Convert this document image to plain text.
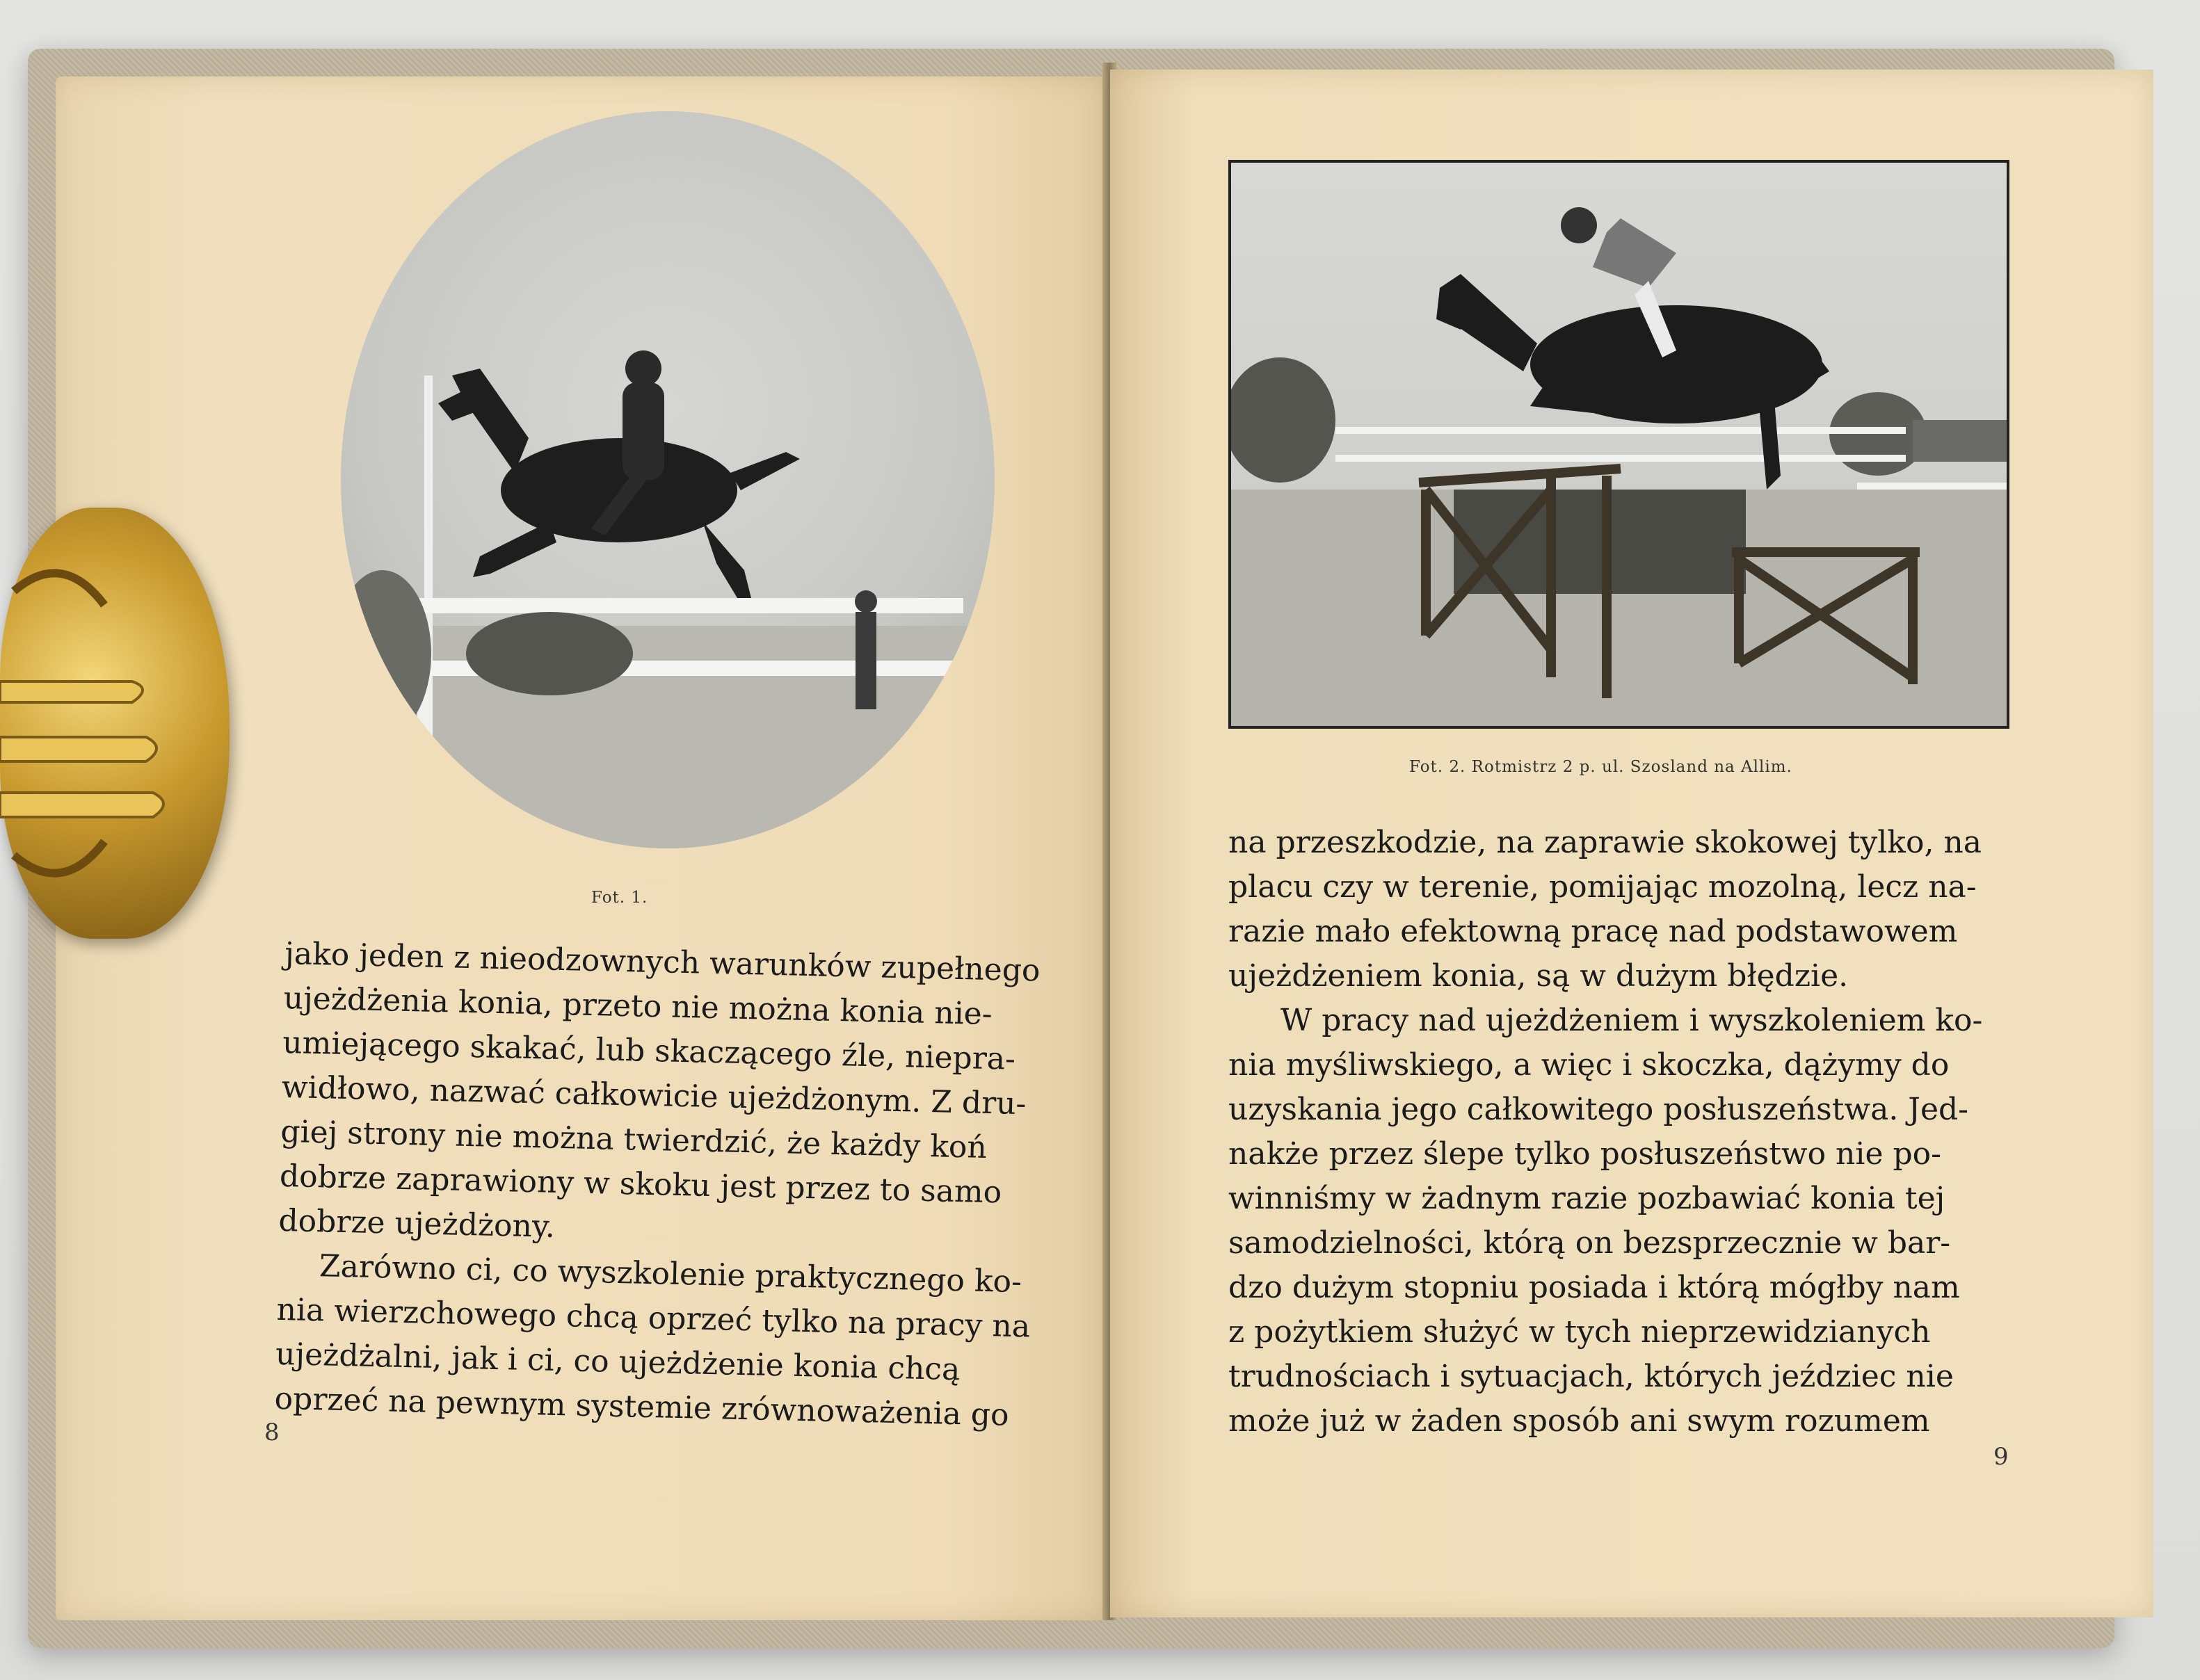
Fot. 1.
jako jeden z nieodzownych warunków zupełnego
ujeżdżenia konia, przeto nie można konia nie-
umiejącego skakać, lub skaczącego źle, niepra-
widłowo, nazwać całkowicie ujeżdżonym. Z dru-
giej strony nie można twierdzić, że każdy koń
dobrze zaprawiony w skoku jest przez to samo
dobrze ujeżdżony.
Zarówno ci, co wyszkolenie praktycznego ko-
nia wierzchowego chcą oprzeć tylko na pracy na
ujeżdżalni, jak i ci, co ujeżdżenie konia chcą
oprzeć na pewnym systemie zrównoważenia go
8
Fot. 2. Rotmistrz 2 p. ul. Szosland na Allim.
na przeszkodzie, na zaprawie skokowej tylko, na
placu czy w terenie, pomijając mozolną, lecz na-
razie mało efektowną pracę nad podstawowem
ujeżdżeniem konia, są w dużym błędzie.
W pracy nad ujeżdżeniem i wyszkoleniem ko-
nia myśliwskiego, a więc i skoczka, dążymy do
uzyskania jego całkowitego posłuszeństwa. Jed-
nakże przez ślepe tylko posłuszeństwo nie po-
winniśmy w żadnym razie pozbawiać konia tej
samodzielności, którą on bezsprzecznie w bar-
dzo dużym stopniu posiada i którą mógłby nam
z pożytkiem służyć w tych nieprzewidzianych
trudnościach i sytuacjach, których jeździec nie
może już w żaden sposób ani swym rozumem
9
